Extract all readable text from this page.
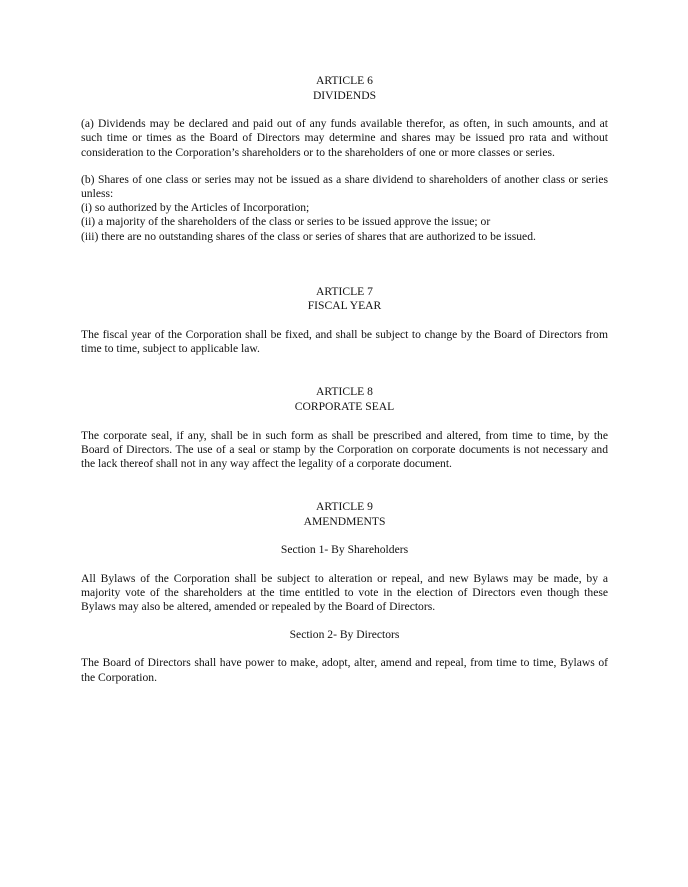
ARTICLE 6
DIVIDENDS
(a) Dividends may be declared and paid out of any funds available therefor, as often, in such amounts, and at such time or times as the Board of Directors may determine and shares may be issued pro rata and without consideration to the Corporation’s shareholders or to the shareholders of one or more classes or series.
(b) Shares of one class or series may not be issued as a share dividend to shareholders of another class or series unless:
(i) so authorized by the Articles of Incorporation;
(ii) a majority of the shareholders of the class or series to be issued approve the issue; or
(iii) there are no outstanding shares of the class or series of shares that are authorized to be issued.
ARTICLE 7
FISCAL YEAR
The fiscal year of the Corporation shall be fixed, and shall be subject to change by the Board of Directors from time to time, subject to applicable law.
ARTICLE 8
CORPORATE SEAL
The corporate seal, if any, shall be in such form as shall be prescribed and altered, from time to time, by the Board of Directors. The use of a seal or stamp by the Corporation on corporate documents is not necessary and the lack thereof shall not in any way affect the legality of a corporate document.
ARTICLE 9
AMENDMENTS
Section 1- By Shareholders
All Bylaws of the Corporation shall be subject to alteration or repeal, and new Bylaws may be made, by a majority vote of the shareholders at the time entitled to vote in the election of Directors even though these Bylaws may also be altered, amended or repealed by the Board of Directors.
Section 2- By Directors
The Board of Directors shall have power to make, adopt, alter, amend and repeal, from time to time, Bylaws of the Corporation.
